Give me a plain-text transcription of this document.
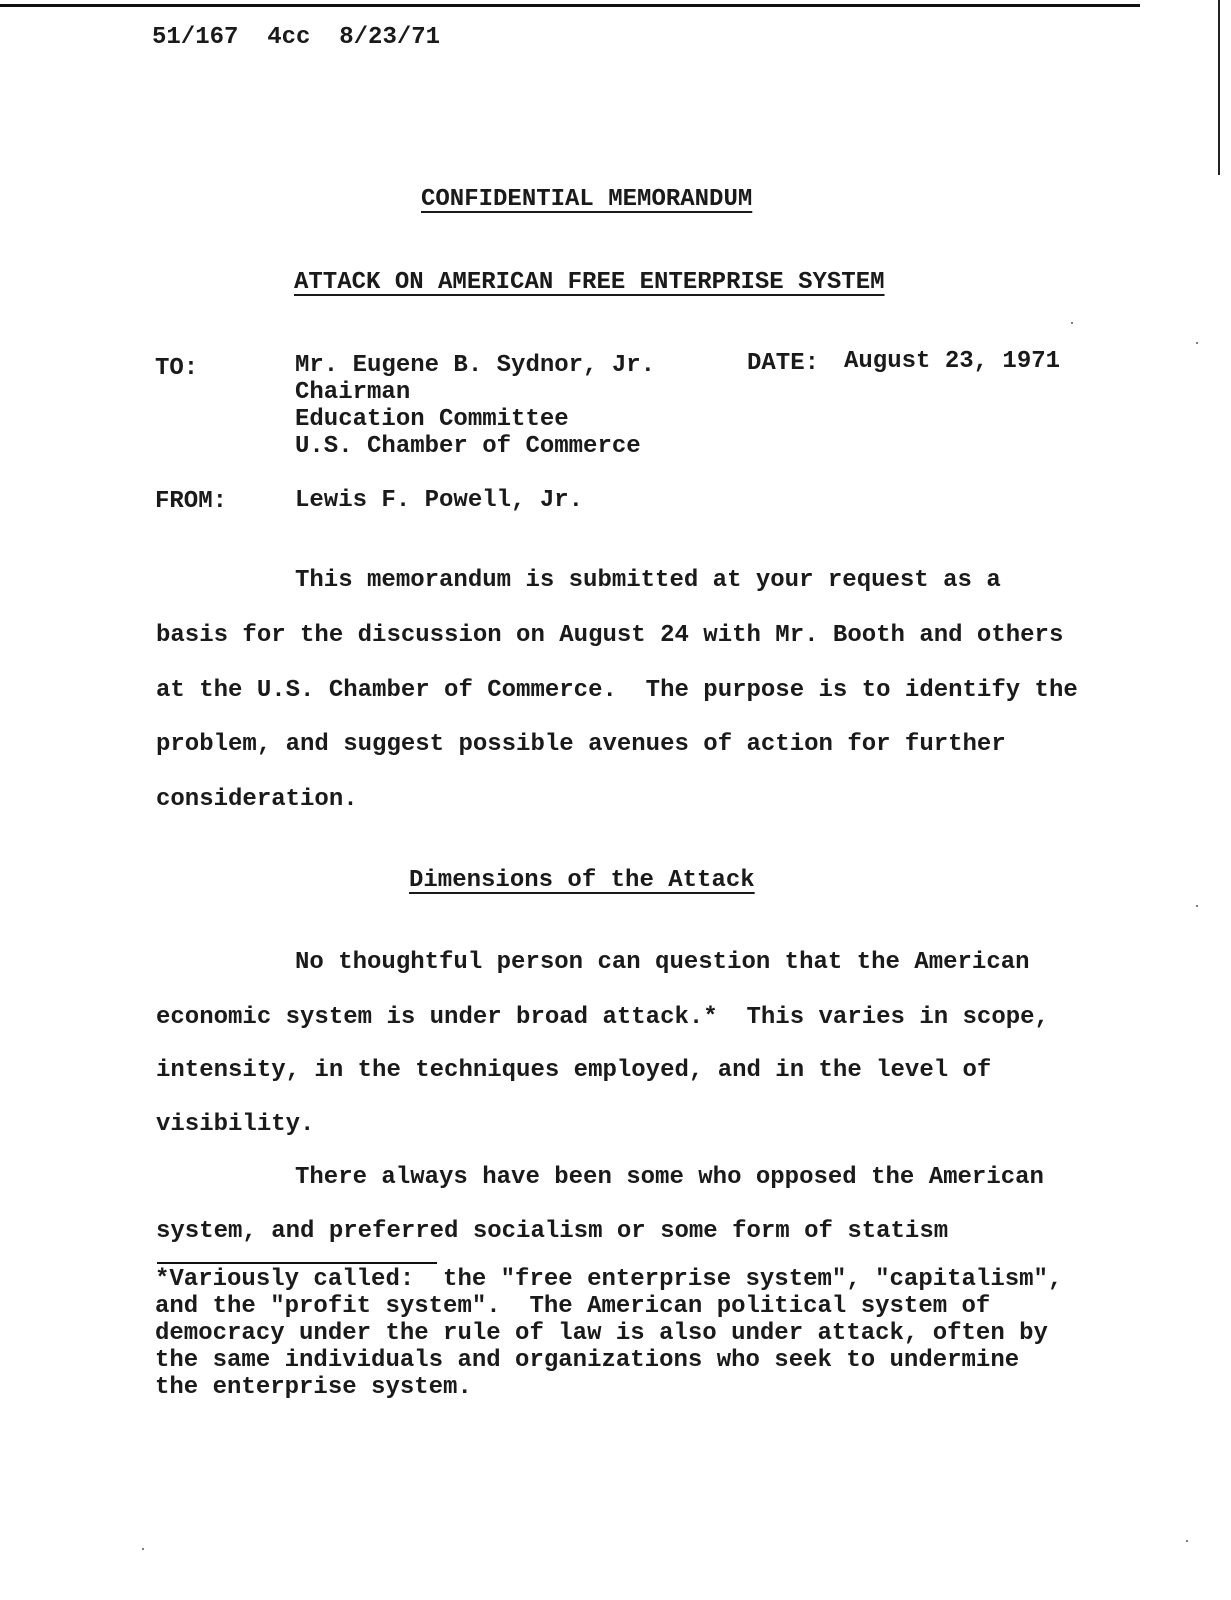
51/167  4cc  8/23/71
CONFIDENTIAL MEMORANDUM
ATTACK ON AMERICAN FREE ENTERPRISE SYSTEM
TO:	Mr. Eugene B. Sydnor, Jr.
Chairman
Education Committee
U.S. Chamber of Commerce
DATE: August 23, 1971
FROM:	Lewis F. Powell, Jr.
This memorandum is submitted at your request as a
basis for the discussion on August 24 with Mr. Booth and others
at the U.S. Chamber of Commerce.  The purpose is to identify the
problem, and suggest possible avenues of action for further
consideration.
Dimensions of the Attack
No thoughtful person can question that the American
economic system is under broad attack.*  This varies in scope,
intensity, in the techniques employed, and in the level of
visibility.
There always have been some who opposed the American
system, and preferred socialism or some form of statism
*Variously called:  the "free enterprise system", "capitalism",
and the "profit system".  The American political system of
democracy under the rule of law is also under attack, often by
the same individuals and organizations who seek to undermine
the enterprise system.
